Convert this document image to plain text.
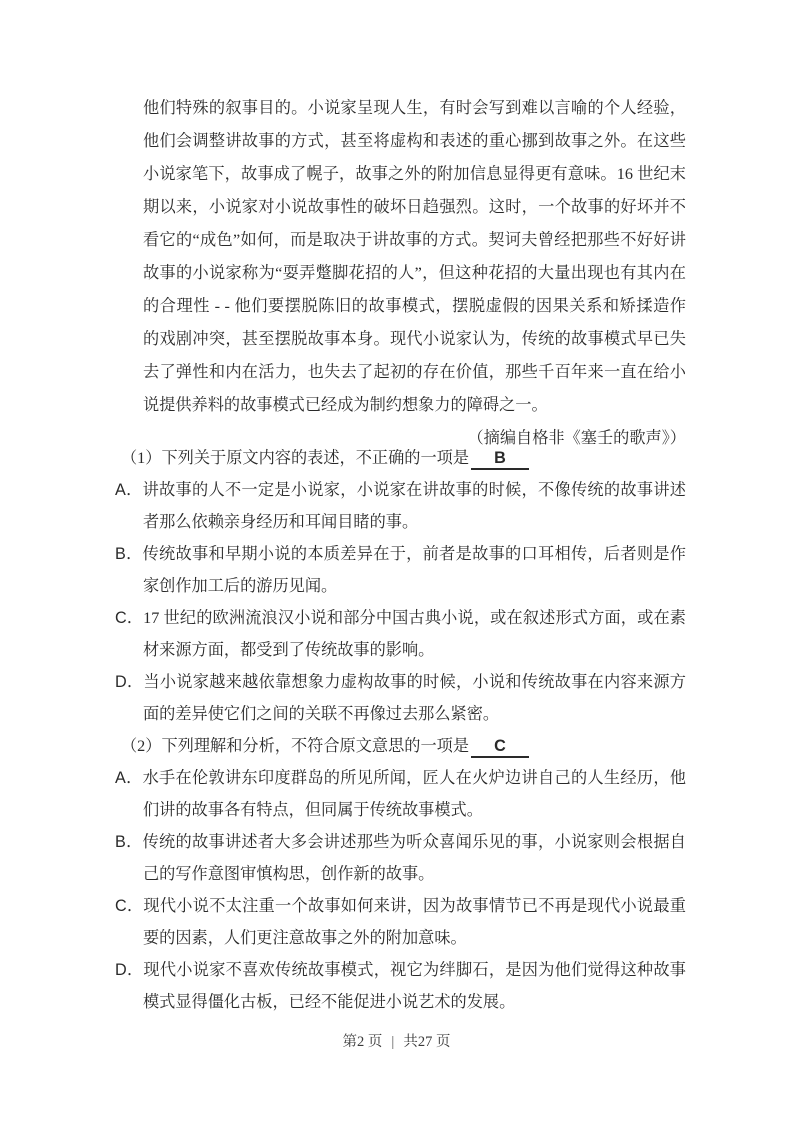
他们特殊的叙事目的。小说家呈现人生，有时会写到难以言喻的个人经验，
他们会调整讲故事的方式，甚至将虚构和表述的重心挪到故事之外。在这些
小说家笔下，故事成了幌子，故事之外的附加信息显得更有意味。16 世纪末
期以来，小说家对小说故事性的破坏日趋强烈。这时，一个故事的好坏并不
看它的“成色”如何，而是取决于讲故事的方式。契诃夫曾经把那些不好好讲
故事的小说家称为“耍弄蹩脚花招的人”，但这种花招的大量出现也有其内在
的合理性 - - 他们要摆脱陈旧的故事模式，摆脱虚假的因果关系和矫揉造作
的戏剧冲突，甚至摆脱故事本身。现代小说家认为，传统的故事模式早已失
去了弹性和内在活力，也失去了起初的存在价值，那些千百年来一直在给小
说提供养料的故事模式已经成为制约想象力的障碍之一。
（摘编自格非《塞壬的歌声》）
（1）下列关于原文内容的表述，不正确的一项是 B
A．讲故事的人不一定是小说家，小说家在讲故事的时候，不像传统的故事讲述者那么依赖亲身经历和耳闻目睹的事。
B．传统故事和早期小说的本质差异在于，前者是故事的口耳相传，后者则是作家创作加工后的游历见闻。
C．17 世纪的欧洲流浪汉小说和部分中国古典小说，或在叙述形式方面，或在素材来源方面，都受到了传统故事的影响。
D．当小说家越来越依靠想象力虚构故事的时候，小说和传统故事在内容来源方面的差异使它们之间的关联不再像过去那么紧密。
（2）下列理解和分析，不符合原文意思的一项是 C
A．水手在伦敦讲东印度群岛的所见所闻，匠人在火炉边讲自己的人生经历，他们讲的故事各有特点，但同属于传统故事模式。
B．传统的故事讲述者大多会讲述那些为听众喜闻乐见的事，小说家则会根据自己的写作意图审慎构思，创作新的故事。
C．现代小说不太注重一个故事如何来讲，因为故事情节已不再是现代小说最重要的因素，人们更注意故事之外的附加意味。
D．现代小说家不喜欢传统故事模式，视它为绊脚石，是因为他们觉得这种故事模式显得僵化古板，已经不能促进小说艺术的发展。
第2 页 | 共27 页
